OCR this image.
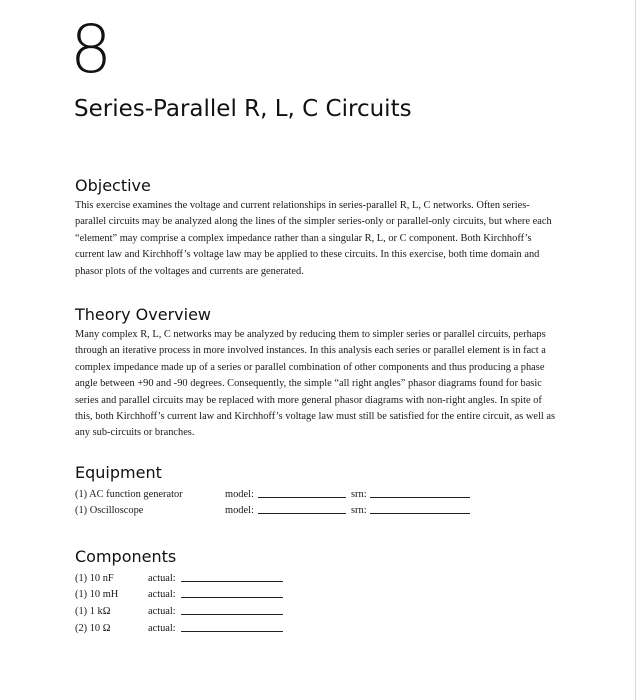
8
Series-Parallel R, L, C Circuits
Objective
This exercise examines the voltage and current relationships in series-parallel R, L, C networks. Often series-parallel circuits may be analyzed along the lines of the simpler series-only or parallel-only circuits, but where each “element” may comprise a complex impedance rather than a singular R, L, or C component. Both Kirchhoff’s current law and Kirchhoff’s voltage law may be applied to these circuits. In this exercise, both time domain and phasor plots of the voltages and currents are generated.
Theory Overview
Many complex R, L, C networks may be analyzed by reducing them to simpler series or parallel circuits, perhaps through an iterative process in more involved instances. In this analysis each series or parallel element is in fact a complex impedance made up of a series or parallel combination of other components and thus producing a phase angle between +90 and -90 degrees. Consequently, the simple “all right angles” phasor diagrams found for basic series and parallel circuits may be replaced with more general phasor diagrams with non-right angles. In spite of this, both Kirchhoff’s current law and Kirchhoff’s voltage law must still be satisfied for the entire circuit, as well as any sub-circuits or branches.
Equipment
(1) AC function generator	model:	srn:
(1) Oscilloscope	model:	srn:
Components
(1) 10 nF	actual:
(1) 10 mH	actual:
(1) 1 kΩ	actual:
(2) 10 Ω	actual:
